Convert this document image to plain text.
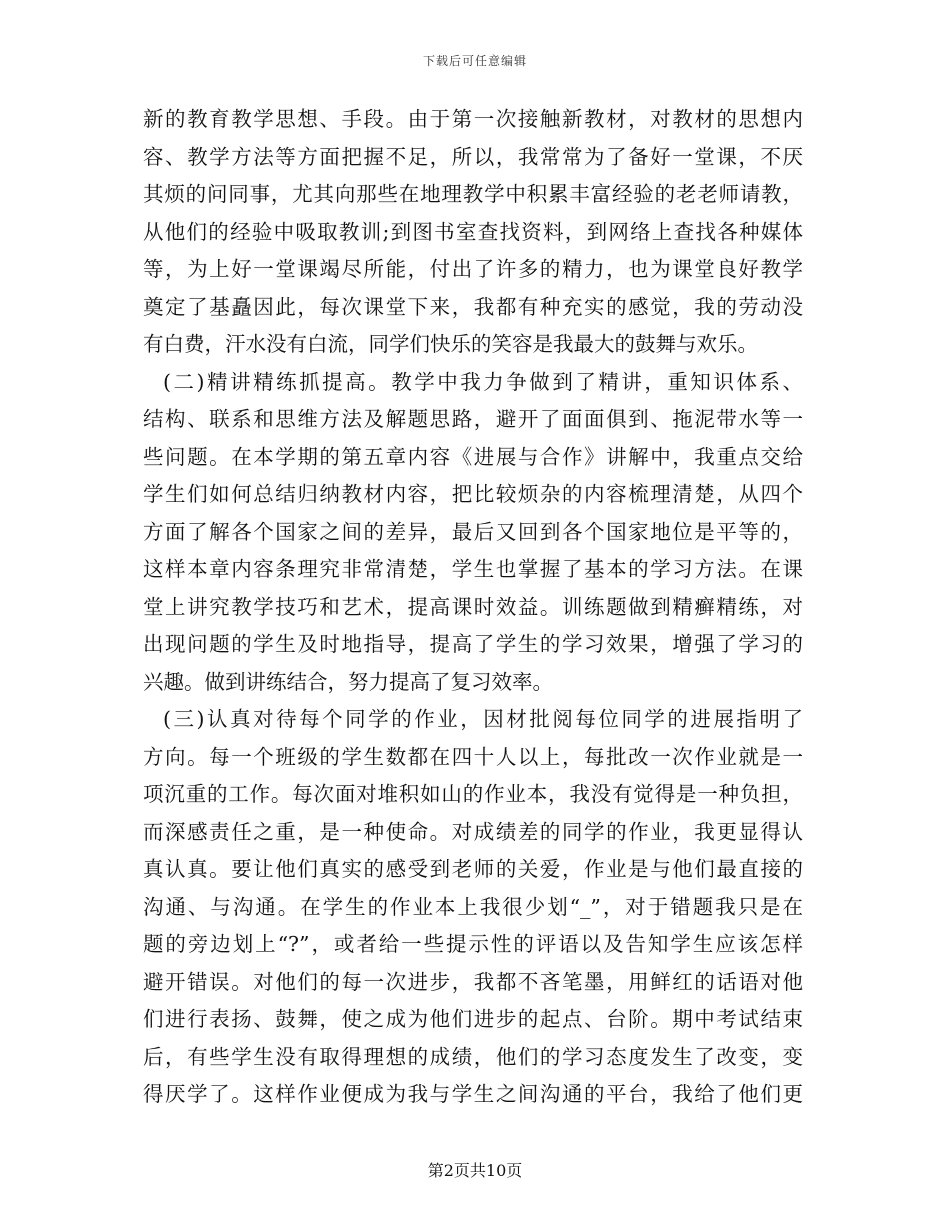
下载后可任意编辑
新的教育教学思想、手段。由于第一次接触新教材，对教材的思想内
容、教学方法等方面把握不足，所以，我常常为了备好一堂课，不厌
其烦的问同事，尤其向那些在地理教学中积累丰富经验的老老师请教，
从他们的经验中吸取教训;到图书室查找资料，到网络上查找各种媒体
等，为上好一堂课竭尽所能，付出了许多的精力，也为课堂良好教学
奠定了基矗因此，每次课堂下来，我都有种充实的感觉，我的劳动没
有白费，汗水没有白流，同学们快乐的笑容是我最大的鼓舞与欢乐。
(二)精讲精练抓提高。教学中我力争做到了精讲，重知识体系、
结构、联系和思维方法及解题思路，避开了面面俱到、拖泥带水等一
些问题。在本学期的第五章内容《进展与合作》讲解中，我重点交给
学生们如何总结归纳教材内容，把比较烦杂的内容梳理清楚，从四个
方面了解各个国家之间的差异，最后又回到各个国家地位是平等的，
这样本章内容条理究非常清楚，学生也掌握了基本的学习方法。在课
堂上讲究教学技巧和艺术，提高课时效益。训练题做到精癣精练，对
出现问题的学生及时地指导，提高了学生的学习效果，增强了学习的
兴趣。做到讲练结合，努力提高了复习效率。
(三)认真对待每个同学的作业，因材批阅每位同学的进展指明了
方向。每一个班级的学生数都在四十人以上，每批改一次作业就是一
项沉重的工作。每次面对堆积如山的作业本，我没有觉得是一种负担，
而深感责任之重，是一种使命。对成绩差的同学的作业，我更显得认
真认真。要让他们真实的感受到老师的关爱，作业是与他们最直接的
沟通、与沟通。在学生的作业本上我很少划“_”，对于错题我只是在
题的旁边划上“?”，或者给一些提示性的评语以及告知学生应该怎样
避开错误。对他们的每一次进步，我都不吝笔墨，用鲜红的话语对他
们进行表扬、鼓舞，使之成为他们进步的起点、台阶。期中考试结束
后，有些学生没有取得理想的成绩，他们的学习态度发生了改变，变
得厌学了。这样作业便成为我与学生之间沟通的平台，我给了他们更
第2页共10页
